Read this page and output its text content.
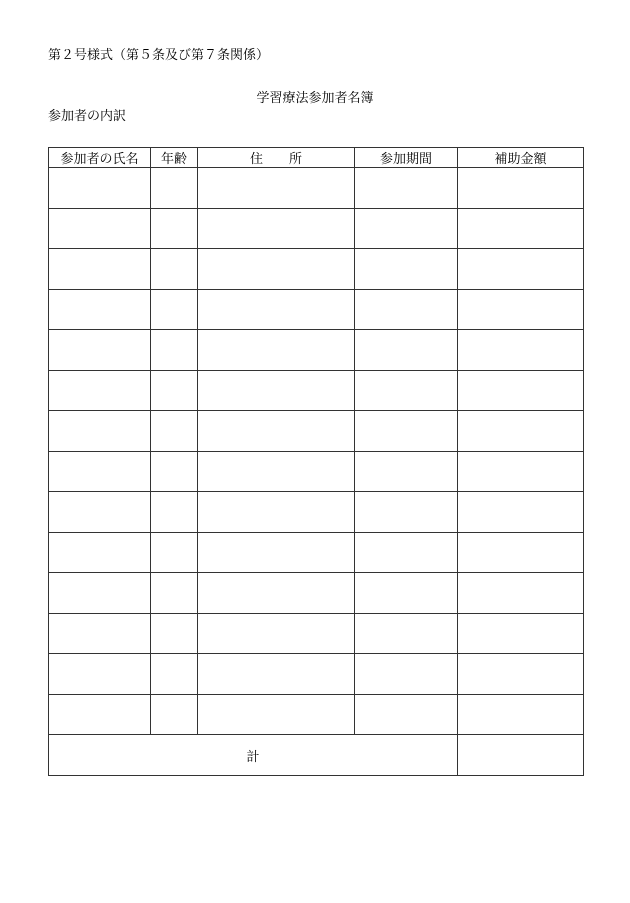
第２号様式（第５条及び第７条関係）
学習療法参加者名簿
参加者の内訳
参加者の氏名	年齢	住　　所	参加期間	補助金額

計				
